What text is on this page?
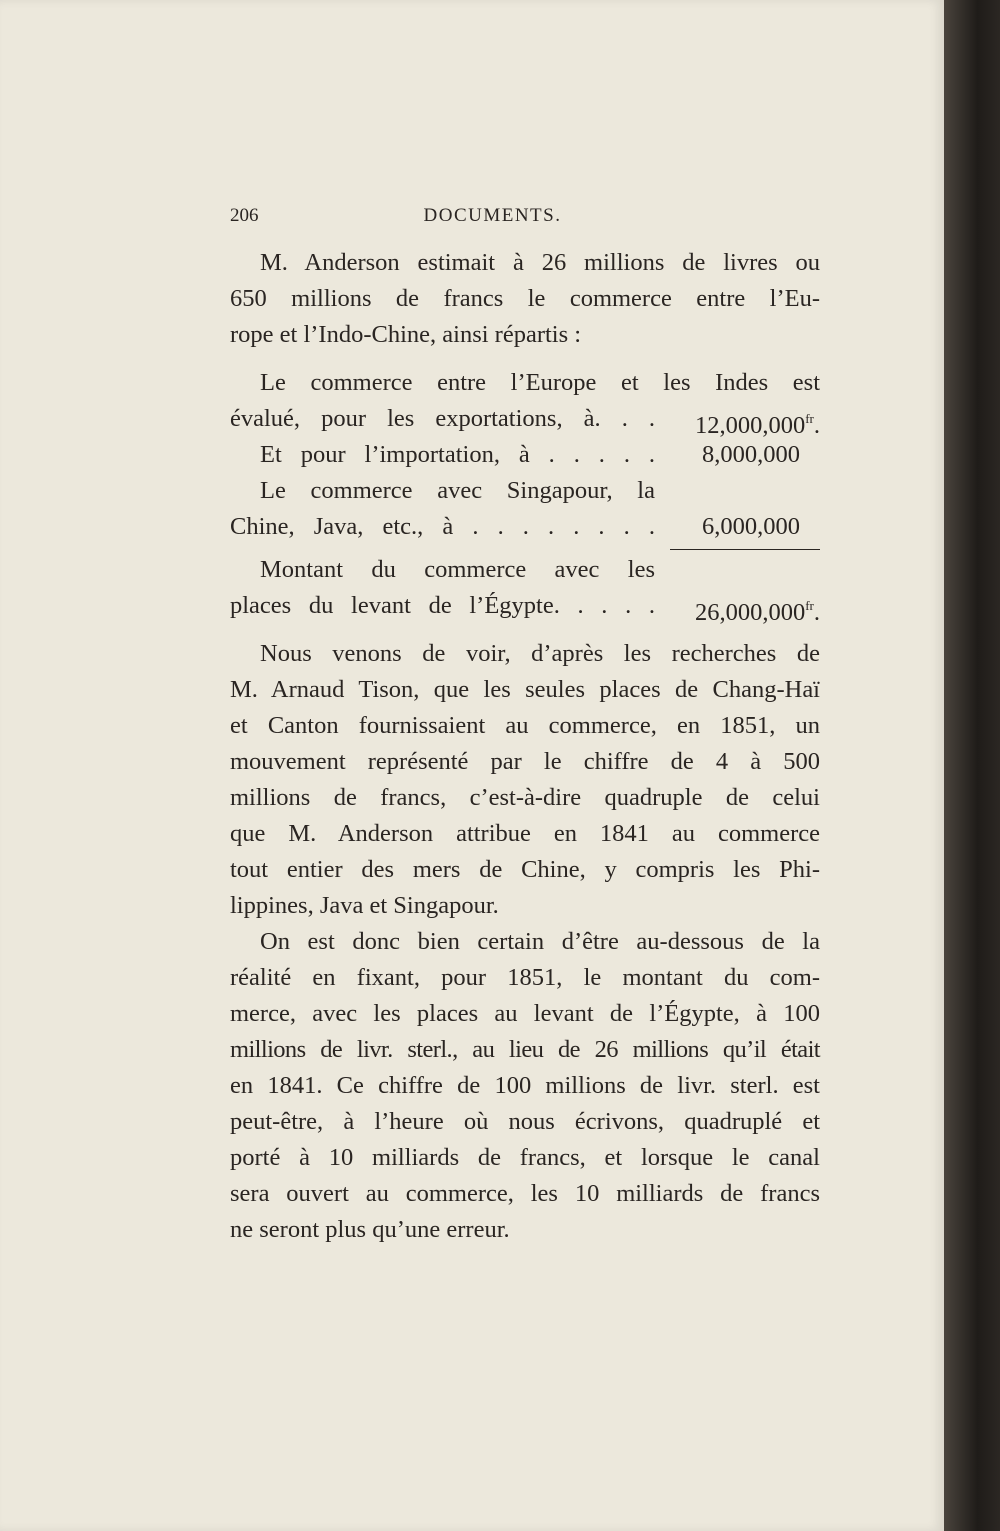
206	DOCUMENTS.
M. Anderson estimait à 26 millions de livres ou
650 millions de francs le commerce entre l’Eu-
rope et l’Indo-Chine, ainsi répartis :
Le commerce entre l’Europe et les Indes est
évalué, pour les exportations, à. . .	$12,000,000^{fr}$.
Et pour l’importation, à . . . . .	8,000,000
Le commerce avec Singapour, la
Chine, Java, etc., à . . . . . . . .	6,000,000
Montant du commerce avec les
places du levant de l’Égypte. . . . .	$26,000,000^{fr}$.
Nous venons de voir, d’après les recherches de
M. Arnaud Tison, que les seules places de Chang-Haï
et Canton fournissaient au commerce, en 1851, un
mouvement représenté par le chiffre de 4 à 500
millions de francs, c’est-à-dire quadruple de celui
que M. Anderson attribue en 1841 au commerce
tout entier des mers de Chine, y compris les Phi-
lippines, Java et Singapour.
On est donc bien certain d’être au-dessous de la
réalité en fixant, pour 1851, le montant du com-
merce, avec les places au levant de l’Égypte, à 100
millions de livr. sterl., au lieu de 26 millions qu’il était
en 1841. Ce chiffre de 100 millions de livr. sterl. est
peut-être, à l’heure où nous écrivons, quadruplé et
porté à 10 milliards de francs, et lorsque le canal
sera ouvert au commerce, les 10 milliards de francs
ne seront plus qu’une erreur.
